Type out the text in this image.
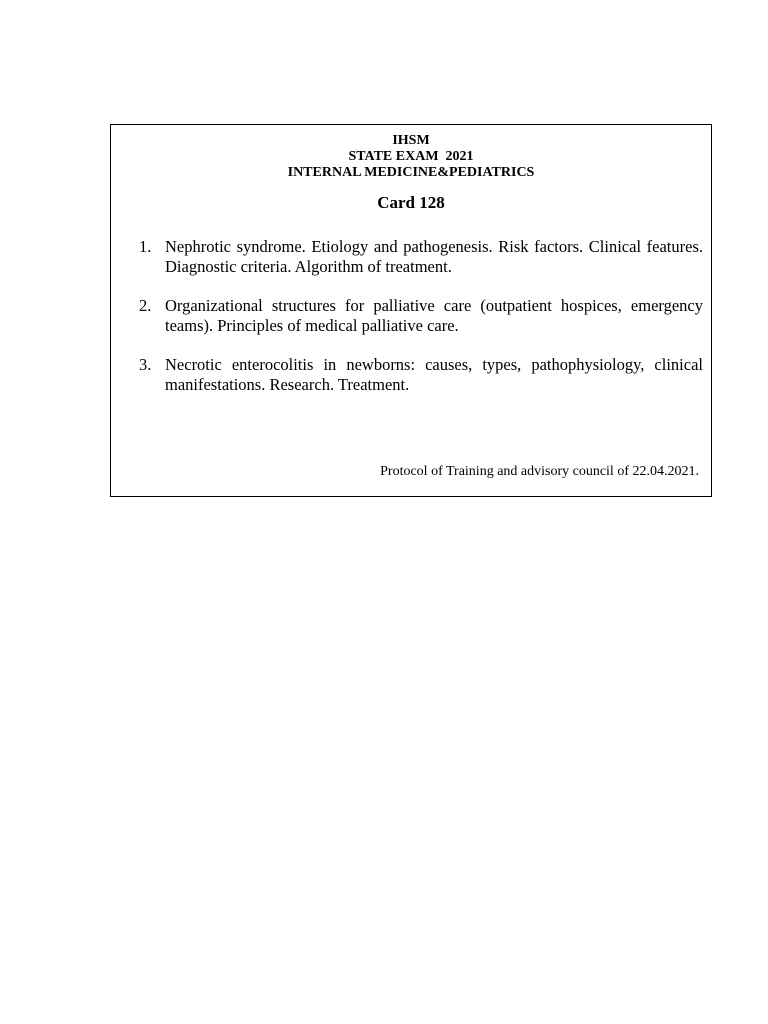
IHSM
STATE EXAM  2021
INTERNAL MEDICINE&PEDIATRICS
Card 128
1. Nephrotic syndrome. Etiology and pathogenesis. Risk factors. Clinical features. Diagnostic criteria. Algorithm of treatment.
2. Organizational structures for palliative care (outpatient hospices, emergency teams). Principles of medical palliative care.
3. Necrotic enterocolitis in newborns: causes, types, pathophysiology, clinical manifestations. Research. Treatment.
Protocol of Training and advisory council of 22.04.2021.
